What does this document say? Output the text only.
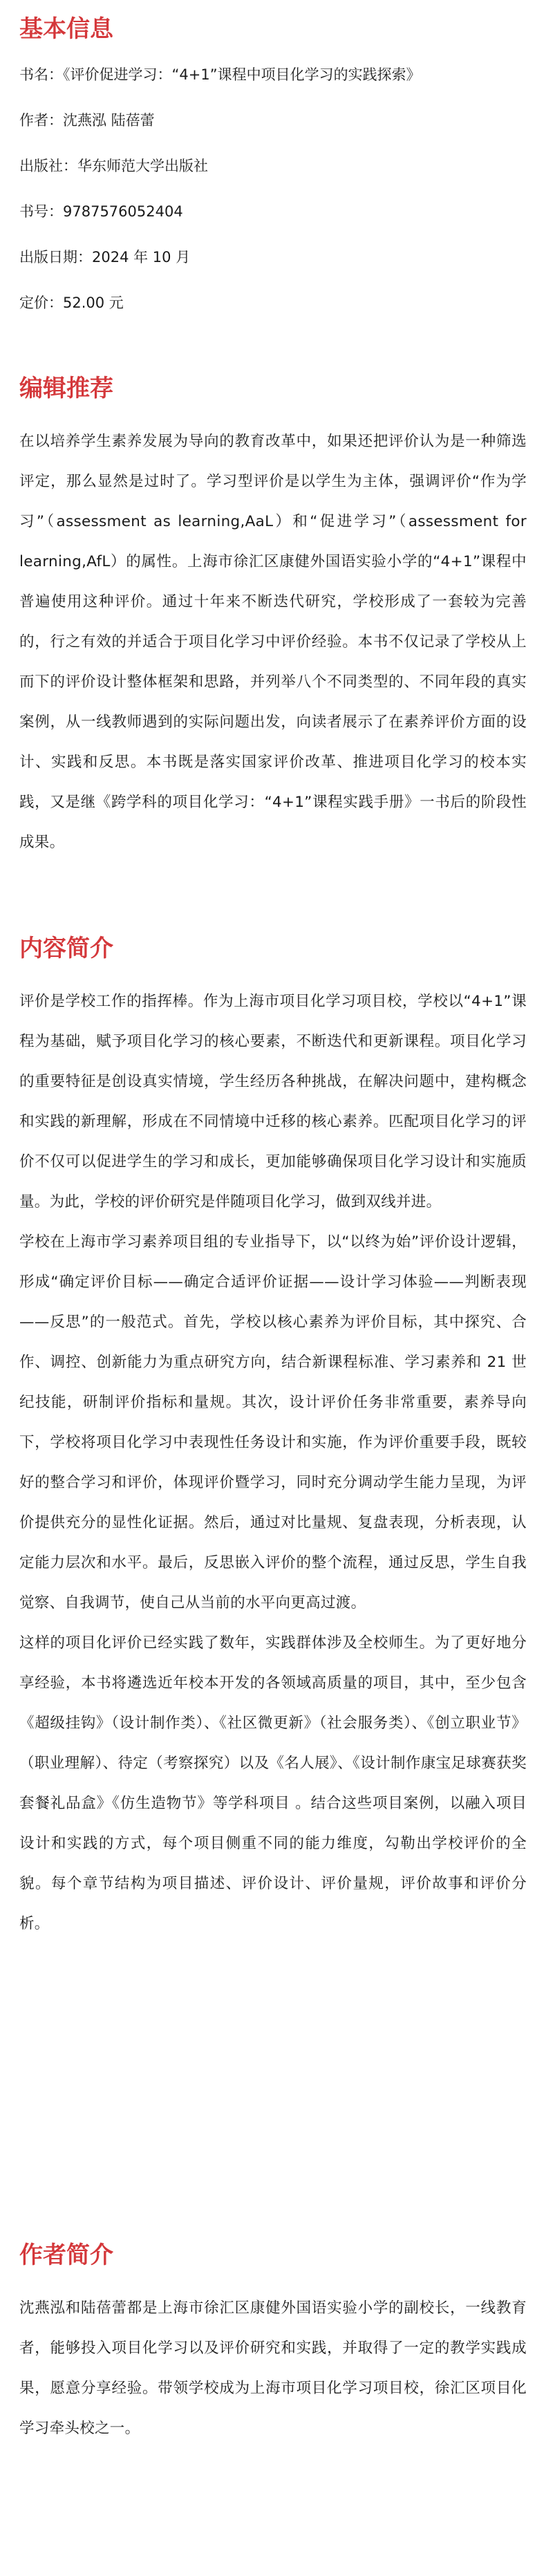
基本信息
书名：《评价促进学习：“4+1”课程中项目化学习的实践探索》
作者：沈燕泓 陆蓓蕾
出版社：华东师范大学出版社
书号：9787576052404
出版日期：2024 年 10 月
定价：52.00 元
编辑推荐

在以培养学生素养发展为导向的教育改革中，如果还把评价认为是一种筛选评定，那么显然是过时了。学习型评价是以学生为主体，强调评价“作为学习”（assessment as learning,AaL）和“促进学习”（assessment for learning,AfL）的属性。上海市徐汇区康健外国语实验小学的“4+1”课程中普遍使用这种评价。通过十年来不断迭代研究，学校形成了一套较为完善的，行之有效的并适合于项目化学习中评价经验。本书不仅记录了学校从上而下的评价设计整体框架和思路，并列举八个不同类型的、不同年段的真实案例，从一线教师遇到的实际问题出发，向读者展示了在素养评价方面的设计、实践和反思。本书既是落实国家评价改革、推进项目化学习的校本实践，又是继《跨学科的项目化学习：“4+1”课程实践手册》一书后的阶段性成果。

内容简介

评价是学校工作的指挥棒。作为上海市项目化学习项目校，学校以“4+1”课程为基础，赋予项目化学习的核心要素，不断迭代和更新课程。项目化学习的重要特征是创设真实情境，学生经历各种挑战，在解决问题中，建构概念和实践的新理解，形成在不同情境中迁移的核心素养。匹配项目化学习的评价不仅可以促进学生的学习和成长，更加能够确保项目化学习设计和实施质量。为此，学校的评价研究是伴随项目化学习，做到双线并进。

学校在上海市学习素养项目组的专业指导下，以“以终为始”评价设计逻辑，形成“确定评价目标——确定合适评价证据——设计学习体验——判断表现——反思”的一般范式。首先，学校以核心素养为评价目标，其中探究、合作、调控、创新能力为重点研究方向，结合新课程标准、学习素养和 21 世纪技能，研制评价指标和量规。其次，设计评价任务非常重要，素养导向下，学校将项目化学习中表现性任务设计和实施，作为评价重要手段，既较好的整合学习和评价，体现评价暨学习，同时充分调动学生能力呈现，为评价提供充分的显性化证据。然后，通过对比量规、复盘表现，分析表现，认定能力层次和水平。最后，反思嵌入评价的整个流程，通过反思，学生自我觉察、自我调节，使自己从当前的水平向更高过渡。

这样的项目化评价已经实践了数年，实践群体涉及全校师生。为了更好地分享经验，本书将遴选近年校本开发的各领域高质量的项目，其中，至少包含《超级挂钩》（设计制作类）、《社区微更新》（社会服务类）、《创立职业节》（职业理解）、待定（考察探究）以及《名人展》、《设计制作康宝足球赛获奖套餐礼品盒》《仿生造物节》等学科项目 。结合这些项目案例，以融入项目设计和实践的方式，每个项目侧重不同的能力维度，勾勒出学校评价的全貌。每个章节结构为项目描述、评价设计、评价量规，评价故事和评价分析。

作者简介

沈燕泓和陆蓓蕾都是上海市徐汇区康健外国语实验小学的副校长，一线教育者，能够投入项目化学习以及评价研究和实践，并取得了一定的教学实践成果，愿意分享经验。带领学校成为上海市项目化学习项目校，徐汇区项目化学习牵头校之一。
